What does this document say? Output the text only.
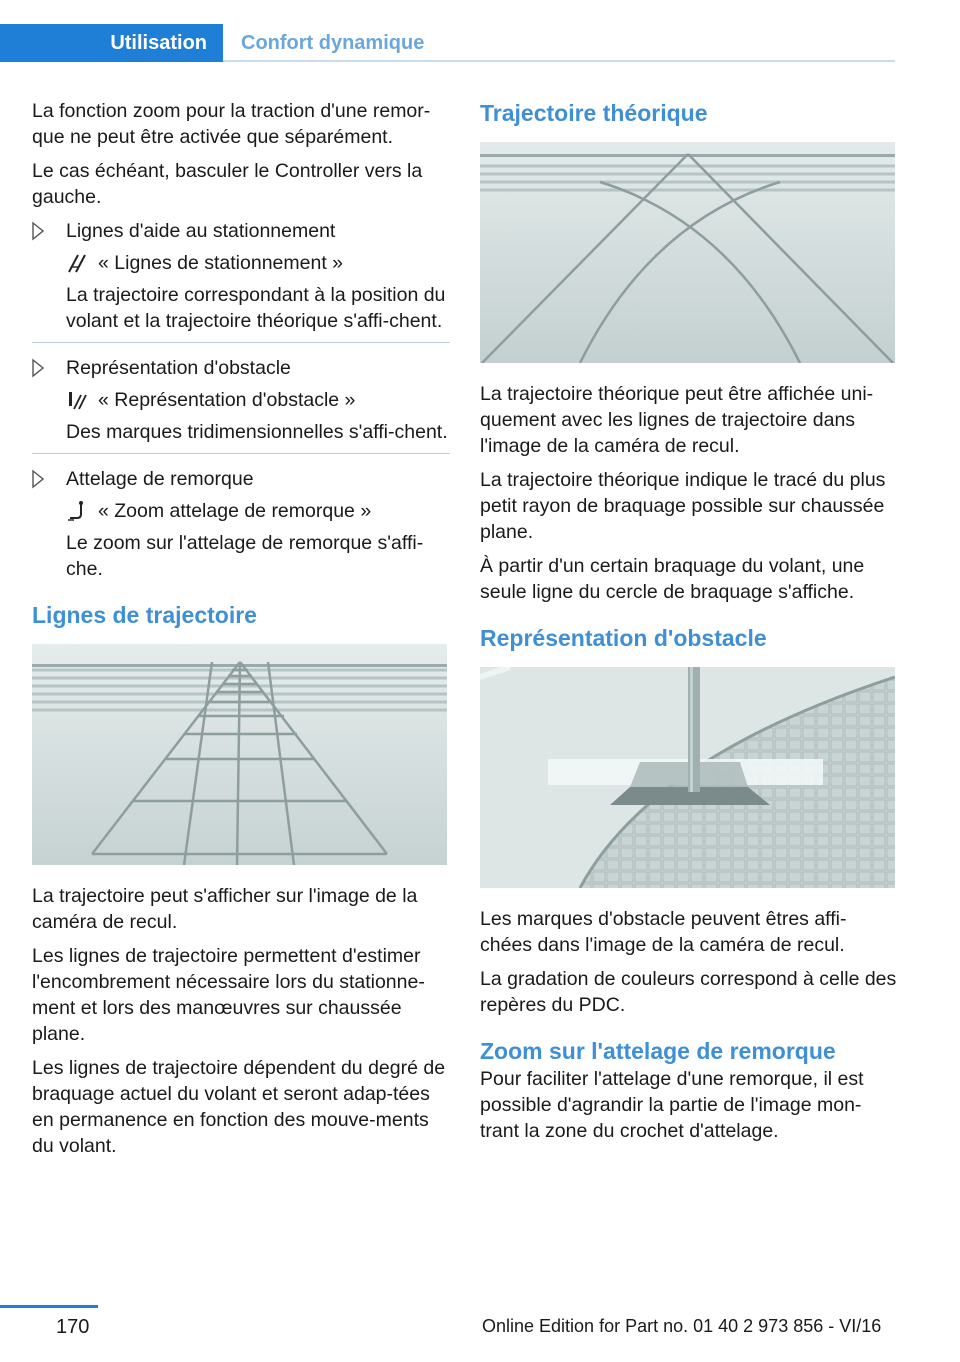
Utilisation	Confort dynamique

La fonction zoom pour la traction d'une remor-que ne peut être activée que séparément.

Le cas échéant, basculer le Controller vers la gauche.

Lignes d'aide au stationnement
« Lignes de stationnement »
La trajectoire correspondant à la position du volant et la trajectoire théorique s'affi-chent.
Représentation d'obstacle
« Représentation d'obstacle »
Des marques tridimensionnelles s'affi-chent.
Attelage de remorque
« Zoom attelage de remorque »
Le zoom sur l'attelage de remorque s'affi-che.
Lignes de trajectoire

La trajectoire peut s'afficher sur l'image de la caméra de recul.

Les lignes de trajectoire permettent d'estimer l'encombrement nécessaire lors du stationne-ment et lors des manœuvres sur chaussée plane.

Les lignes de trajectoire dépendent du degré de braquage actuel du volant et seront adap-tées en permanence en fonction des mouve-ments du volant.

Trajectoire théorique

La trajectoire théorique peut être affichée uni-quement avec les lignes de trajectoire dans l'image de la caméra de recul.

La trajectoire théorique indique le tracé du plus petit rayon de braquage possible sur chaussée plane.

À partir d'un certain braquage du volant, une seule ligne du cercle de braquage s'affiche.

Représentation d'obstacle

Les marques d'obstacle peuvent êtres affi-chées dans l'image de la caméra de recul.

La gradation de couleurs correspond à celle des repères du PDC.

Zoom sur l'attelage de remorque

Pour faciliter l'attelage d'une remorque, il est possible d'agrandir la partie de l'image mon-trant la zone du crochet d'attelage.

170	Online Edition for Part no. 01 40 2 973 856 - VI/16
